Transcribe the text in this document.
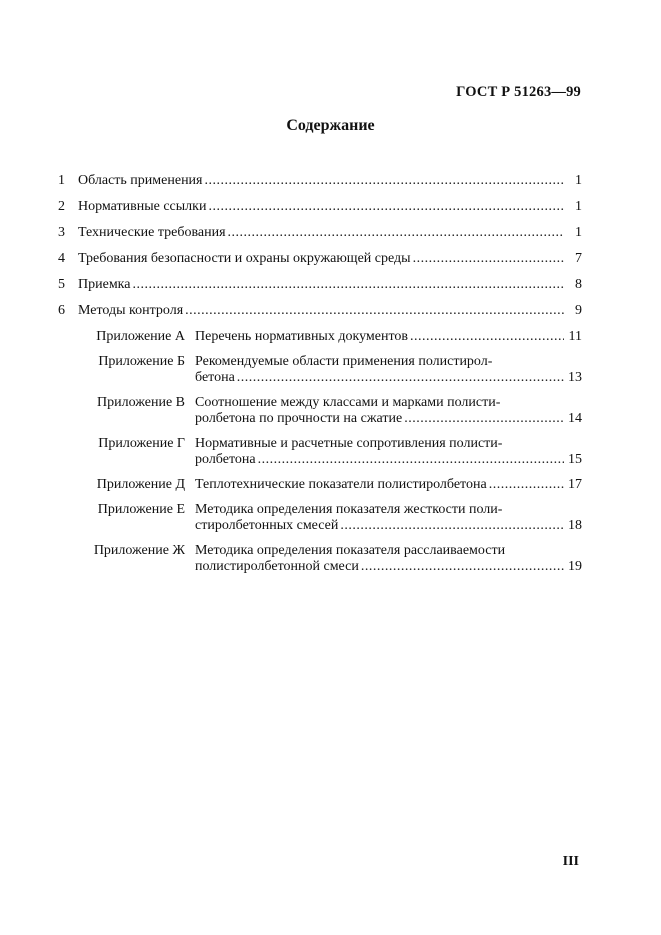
ГОСТ Р 51263—99
Содержание
1 Область применения .....	1
2 Нормативные ссылки .....	1
3 Технические требования .....	1
4 Требования безопасности и охраны окружающей среды .....	7
5 Приемка .....	8
6 Методы контроля .....	9
Приложение А Перечень нормативных документов .....	11
Приложение Б Рекомендуемые области применения полистирол-
бетона .....	13
Приложение В Соотношение между классами и марками полисти-
ролбетона по прочности на сжатие .....	14
Приложение Г Нормативные и расчетные сопротивления полисти-
ролбетона .....	15
Приложение Д Теплотехнические показатели полистиролбетона .....	17
Приложение Е Методика определения показателя жесткости поли-
стиролбетонных смесей .....	18
Приложение Ж Методика определения показателя расслаиваемости
полистиролбетонной смеси .....	19
III
